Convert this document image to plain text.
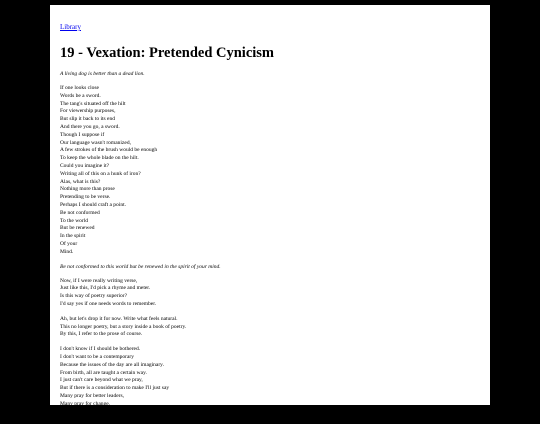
Library
19 - Vexation: Pretended Cynicism

A living dog is better than a dead lion.

If one looks close
Words be a sword.
The tang's situated off the hilt
For viewership purposes,
But slip it back to its end
And there you go, a sword.
Though I suppose if
Our language wasn't romanized,
A few strokes of the brush would be enough
To keep the whole blade on the hilt.
Could you imagine it?
Writing all of this on a hunk of iron?
Alas, what is this?
Nothing more than prose
Pretending to be verse.
Perhaps I should craft a point.
Be not conformed
To the world
But be renewed
In the spirit
Of your
Mind.

Be not conformed to this world but be renewed in the spirit of your mind.

Now, if I were really writing verse,
Just like this, I'd pick a rhyme and meter.
Is this way of poetry superior?
I'd say yes if one needs words to remember.
Ah, but let's drop it for now. Write what feels natural.
This no longer poetry, but a story inside a book of poetry.
By this, I refer to the prose of course.
I don't know if I should be bothered.
I don't want to be a contemporary
Because the issues of the day are all imaginary.
From birth, all are taught a certain way.
I just can't care beyond what we pray,
But if there is a consideration to make I'll just say
Many pray for better leaders,
Many pray for change,
But who's the who prays
To be the one to change?
